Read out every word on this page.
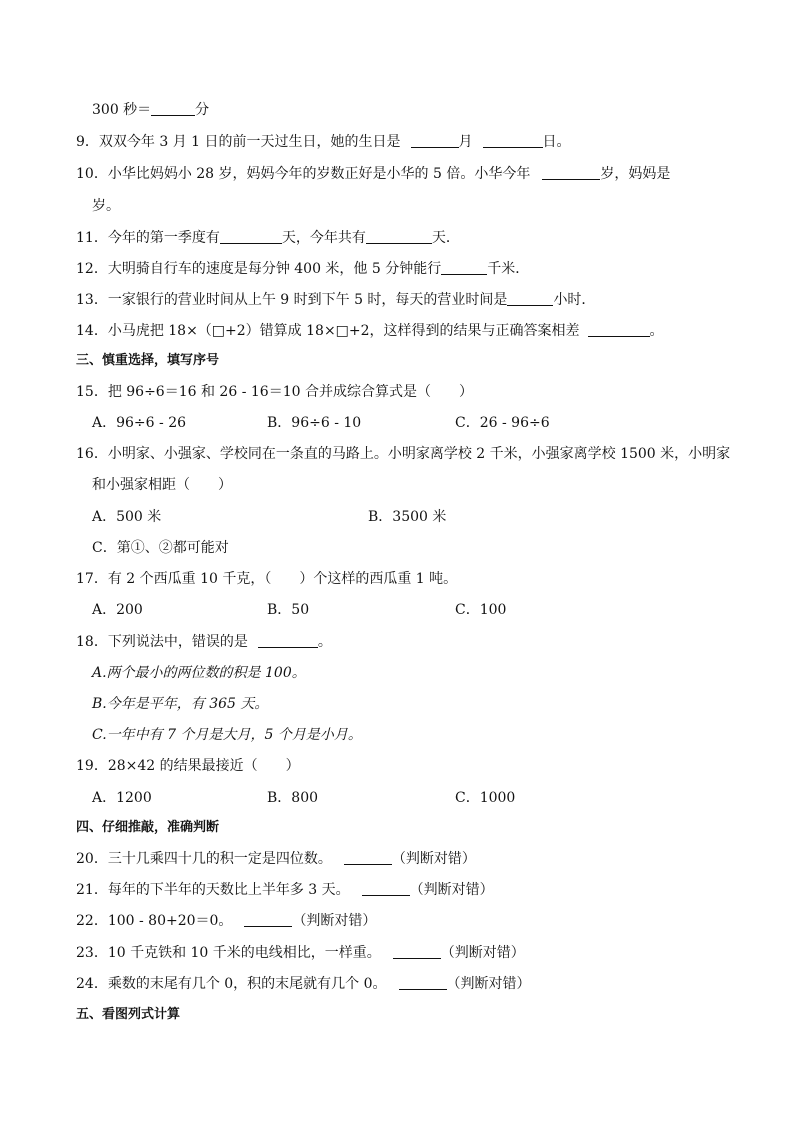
300 秒＝	分
9．双双今年 3 月 1 日的前一天过生日，她的生日是	月	日。
10．小华比妈妈小 28 岁，妈妈今年的岁数正好是小华的 5 倍。小华今年	岁，妈妈是
岁。
11．今年的第一季度有	天，今年共有	天．
12．大明骑自行车的速度是每分钟 400 米，他 5 分钟能行	千米．
13．一家银行的营业时间从上午 9 时到下午 5 时，每天的营业时间是	小时．
14．小马虎把 18×（□+2）错算成 18×□+2，这样得到的结果与正确答案相差	。
三、慎重选择，填写序号
15．把 96÷6＝16 和 26 - 16＝10 合并成综合算式是（　　）
A．96÷6 - 26	B．96÷6 - 10	C．26 - 96÷6
16．小明家、小强家、学校同在一条直的马路上。小明家离学校 2 千米，小强家离学校 1500 米，小明家
和小强家相距（　　）
A．500 米	B．3500 米
C．第①、②都可能对
17．有 2 个西瓜重 10 千克，（　　）个这样的西瓜重 1 吨。
A．200	B．50	C．100
18．下列说法中，错误的是	。
A.两个最小的两位数的积是 100。
B.今年是平年，有 365 天。
C.一年中有 7 个月是大月，5 个月是小月。
19．28×42 的结果最接近（　　）
A．1200	B．800	C．1000
四、仔细推敲，准确判断
20．三十几乘四十几的积一定是四位数。	（判断对错）
21．每年的下半年的天数比上半年多 3 天。	（判断对错）
22．100 - 80+20＝0。	（判断对错）
23．10 千克铁和 10 千米的电线相比，一样重。	（判断对错）
24．乘数的末尾有几个 0，积的末尾就有几个 0。	（判断对错）
五、看图列式计算
